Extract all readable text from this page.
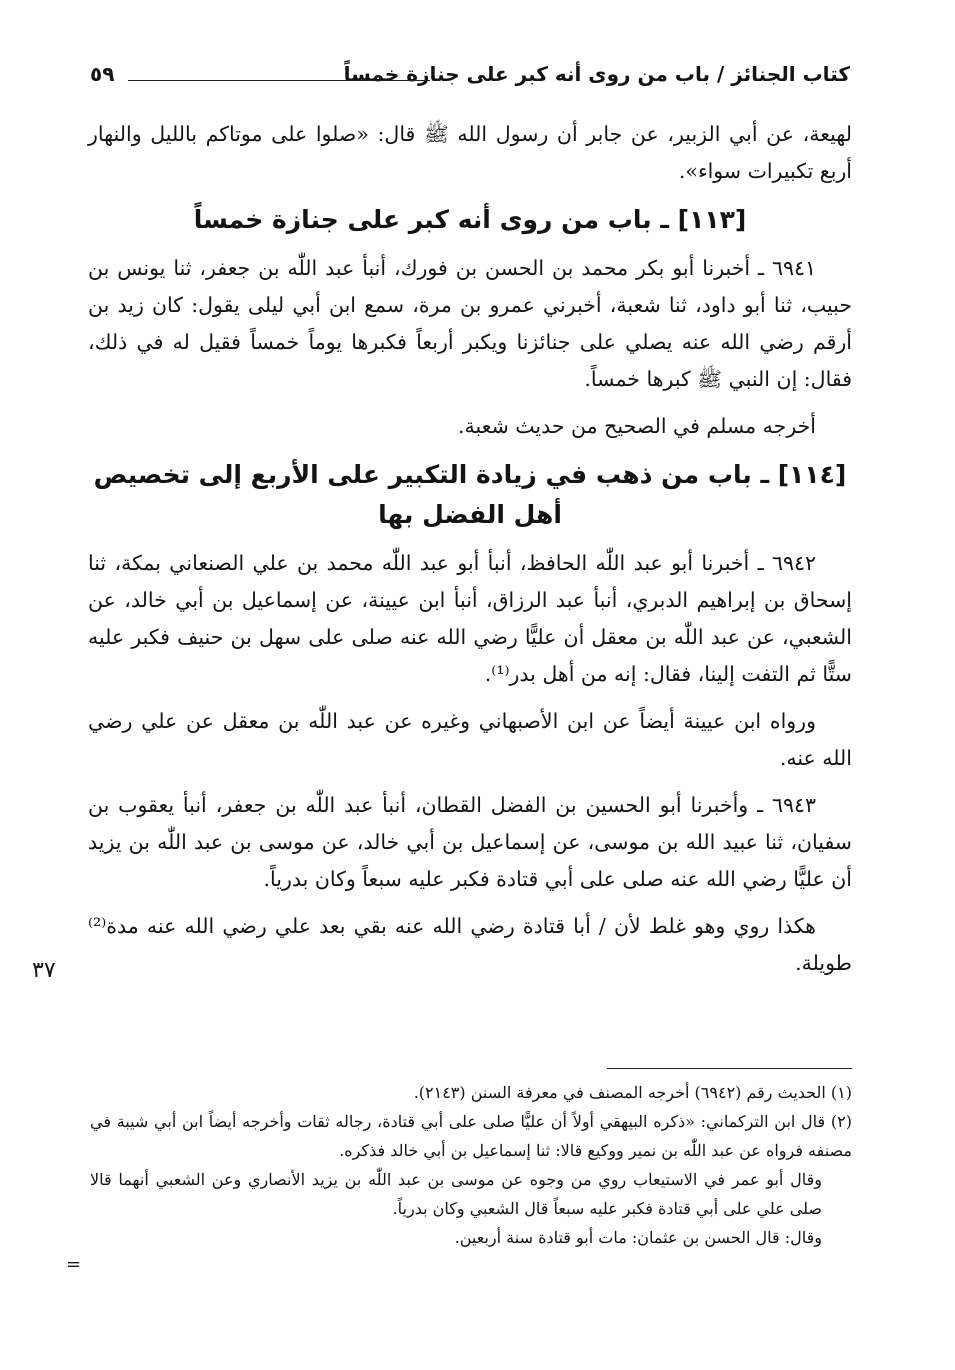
كتاب الجنائز / باب من روى أنه كبر على جنازة خمساً
٥٩

لهيعة، عن أبي الزبير، عن جابر أن رسول الله ﷺ قال: «صلوا على موتاكم بالليل والنهار أربع تكبيرات سواء».

[١١٣] ـ باب من روى أنه كبر على جنازة خمساً

٦٩٤١ ـ أخبرنا أبو بكر محمد بن الحسن بن فورك، أنبأ عبد اللّٰه بن جعفر، ثنا يونس بن حبيب، ثنا أبو داود، ثنا شعبة، أخبرني عمرو بن مرة، سمع ابن أبي ليلى يقول: كان زيد بن أرقم رضي الله عنه يصلي على جنائزنا ويكبر أربعاً فكبرها يوماً خمساً فقيل له في ذلك، فقال: إن النبي ﷺ كبرها خمساً.

أخرجه مسلم في الصحيح من حديث شعبة.

[١١٤] ـ باب من ذهب في زيادة التكبير على الأربع إلى تخصيص أهل الفضل بها

٦٩٤٢ ـ أخبرنا أبو عبد اللّٰه الحافظ، أنبأ أبو عبد اللّٰه محمد بن علي الصنعاني بمكة، ثنا إسحاق بن إبراهيم الدبري، أنبأ عبد الرزاق، أنبأ ابن عيينة، عن إسماعيل بن أبي خالد، عن الشعبي، عن عبد اللّٰه بن معقل أن عليًّا رضي الله عنه صلى على سهل بن حنيف فكبر عليه ستًّا ثم التفت إلينا، فقال: إنه من أهل بدر⁽¹⁾.

ورواه ابن عيينة أيضاً عن ابن الأصبهاني وغيره عن عبد اللّٰه بن معقل عن علي رضي الله عنه.

٦٩٤٣ ـ وأخبرنا أبو الحسين بن الفضل القطان، أنبأ عبد اللّٰه بن جعفر، أنبأ يعقوب بن سفيان، ثنا عبيد الله بن موسى، عن إسماعيل بن أبي خالد، عن موسى بن عبد اللّٰه بن يزيد أن عليًّا رضي الله عنه صلى على أبي قتادة فكبر عليه سبعاً وكان بدرياً.

هكذا روي وهو غلط لأن / أبا قتادة رضي الله عنه بقي بعد علي رضي الله عنه مدة⁽²⁾ طويلة.

٣٧

(١) الحديث رقم (٦٩٤٢) أخرجه المصنف في معرفة السنن (٢١٤٣).

(٢) قال ابن التركماني: «ذكره البيهقي أولاً أن عليًّا صلى على أبي قتادة، رجاله ثقات وأخرجه أيضاً ابن أبي شيبة في مصنفه فرواه عن عبد اللّٰه بن نمير ووكيع قالا: ثنا إسماعيل بن أبي خالد فذكره.

وقال أبو عمر في الاستيعاب روي من وجوه عن موسى بن عبد اللّٰه بن يزيد الأنصاري وعن الشعبي أنهما قالا صلى علي على أبي قتادة فكبر عليه سبعاً قال الشعبي وكان بدرياً.

وقال: قال الحسن بن عثمان: مات أبو قتادة سنة أربعين.

=
